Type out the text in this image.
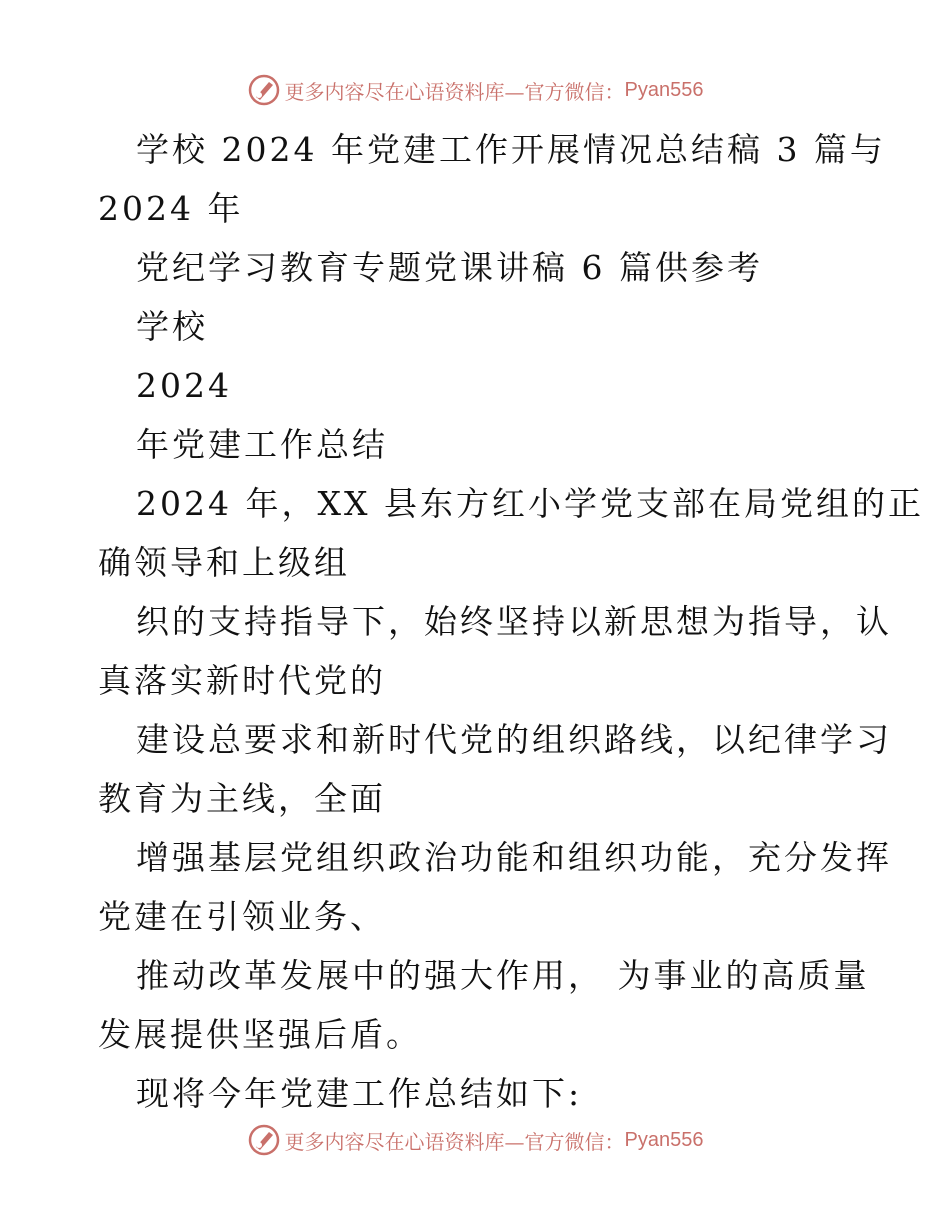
更多内容尽在心语资料库—官方微信： Pyan556

学校 2024 年党建工作开展情况总结稿 3 篇与

2024 年

党纪学习教育专题党课讲稿 6 篇供参考

学校

2024

年党建工作总结

2024 年，XX 县东方红小学党支部在局党组的正

确领导和上级组

织的支持指导下，始终坚持以新思想为指导，认

真落实新时代党的

建设总要求和新时代党的组织路线，以纪律学习

教育为主线，全面

增强基层党组织政治功能和组织功能，充分发挥

党建在引领业务、

推动改革发展中的强大作用， 为事业的高质量

发展提供坚强后盾。

现将今年党建工作总结如下:

更多内容尽在心语资料库—官方微信： Pyan556
